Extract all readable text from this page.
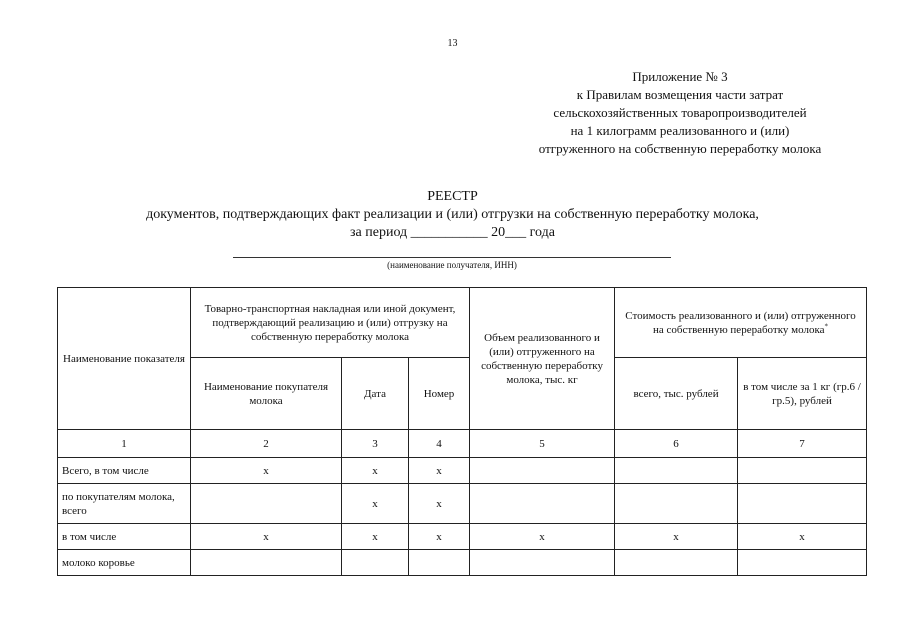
13
Приложение № 3
к Правилам возмещения части затрат
сельскохозяйственных товаропроизводителей
на 1 килограмм реализованного и (или)
отгруженного на собственную переработку молока
РЕЕСТР
документов, подтверждающих факт реализации и (или) отгрузки на собственную переработку молока,
за период ___________ 20___ года
(наименование получателя, ИНН)
Наименование показателя	Товарно-транспортная накладная или иной документ, подтверждающий реализацию и (или) отгрузку на собственную переработку молока			Объем реализованного и (или) отгруженного на собственную переработку молока, тыс. кг	Стоимость реализованного и (или) отгруженного на собственную переработку молока*
	Наименование покупателя молока	Дата	Номер		всего, тыс. рублей	в том числе за 1 кг (гр.6 / гр.5), рублей
1	2	3	4	5	6	7
Всего, в том числе	x	x	x			
по покупателям молока, всего		x	x			
в том числе	x	x	x	x	x	x
молоко коровье						
